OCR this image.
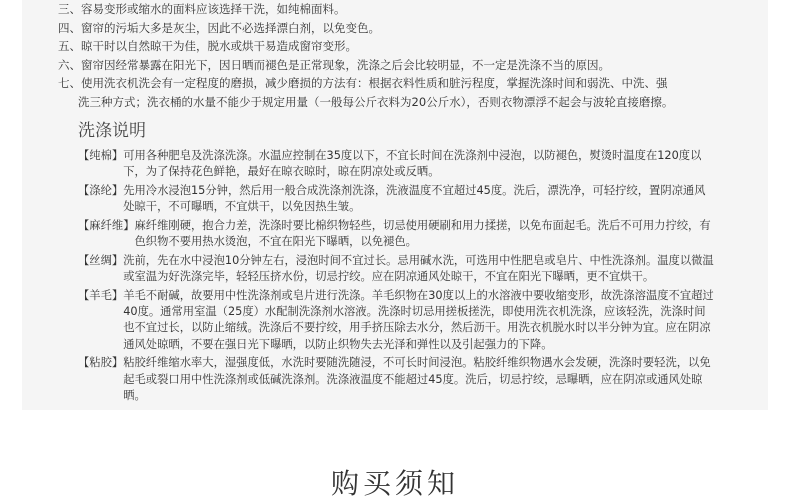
三、容易变形或缩水的面料应该选择干洗，如纯棉面料。
四、窗帘的污垢大多是灰尘，因此不必选择漂白剂，以免变色。
五、晾干时以自然晾干为佳，脱水或烘干易造成窗帘变形。
六、窗帘因经常暴露在阳光下，因日晒而褪色是正常现象，洗涤之后会比较明显，不一定是洗涤不当的原因。
七、使用洗衣机洗会有一定程度的磨损，减少磨损的方法有：根据衣料性质和脏污程度，掌握洗涤时间和弱洗、中洗、强
洗三种方式；洗衣桶的水量不能少于规定用量（一般每公斤衣料为20公斤水），否则衣物漂浮不起会与波轮直接磨擦。
洗涤说明
【纯棉】 可用各种肥皂及洗涤洗涤。水温应控制在35度以下，不宜长时间在洗涤剂中浸泡，以防褪色，熨烫时温度在120度以下，为了保持花色鲜艳，最好在晾衣晾时，晾在阴凉处或反晒。
【涤纶】 先用冷水浸泡15分钟，然后用一般合成洗涤剂洗涤，洗液温度不宜超过45度。洗后，漂洗净，可轻拧绞，置阴凉通风处晾干，不可曝晒，不宜烘干，以免因热生皱。
【麻纤维】 麻纤维刚硬，抱合力差，洗涤时要比棉织物轻些，切忌使用硬刷和用力揉搓，以免布面起毛。洗后不可用力拧绞，有色织物不要用热水烫泡，不宜在阳光下曝晒，以免褪色。
【丝绸】 洗前，先在水中浸泡10分钟左右，浸泡时间不宜过长。忌用碱水洗，可选用中性肥皂或皂片、中性洗涤剂。温度以微温或室温为好洗涤完毕，轻轻压挤水份，切忌拧绞。应在阴凉通风处晾干，不宜在阳光下曝晒，更不宜烘干。
【羊毛】 羊毛不耐碱，故要用中性洗涤剂或皂片进行洗涤。羊毛织物在30度以上的水溶液中要收缩变形，故洗涤溶温度不宜超过40度。通常用室温（25度）水配制洗涤剂水溶液。洗涤时切忌用搓板搓洗，即使用洗衣机洗涤，应该轻洗，洗涤时间也不宜过长，以防止缩绒。洗涤后不要拧绞，用手挤压除去水分，然后沥干。用洗衣机脱水时以半分钟为宜。应在阴凉通风处晾晒，不要在强日光下曝晒，以防止织物失去光泽和弹性以及引起强力的下降。
【粘胶】 粘胶纤维缩水率大，湿强度低，水洗时要随洗随浸，不可长时间浸泡。粘胶纤维织物遇水会发硬，洗涤时要轻洗，以免起毛或裂口用中性洗涤剂或低碱洗涤剂。洗涤液温度不能超过45度。洗后，切忌拧绞，忌曝晒，应在阴凉或通风处晾晒。
购买须知
